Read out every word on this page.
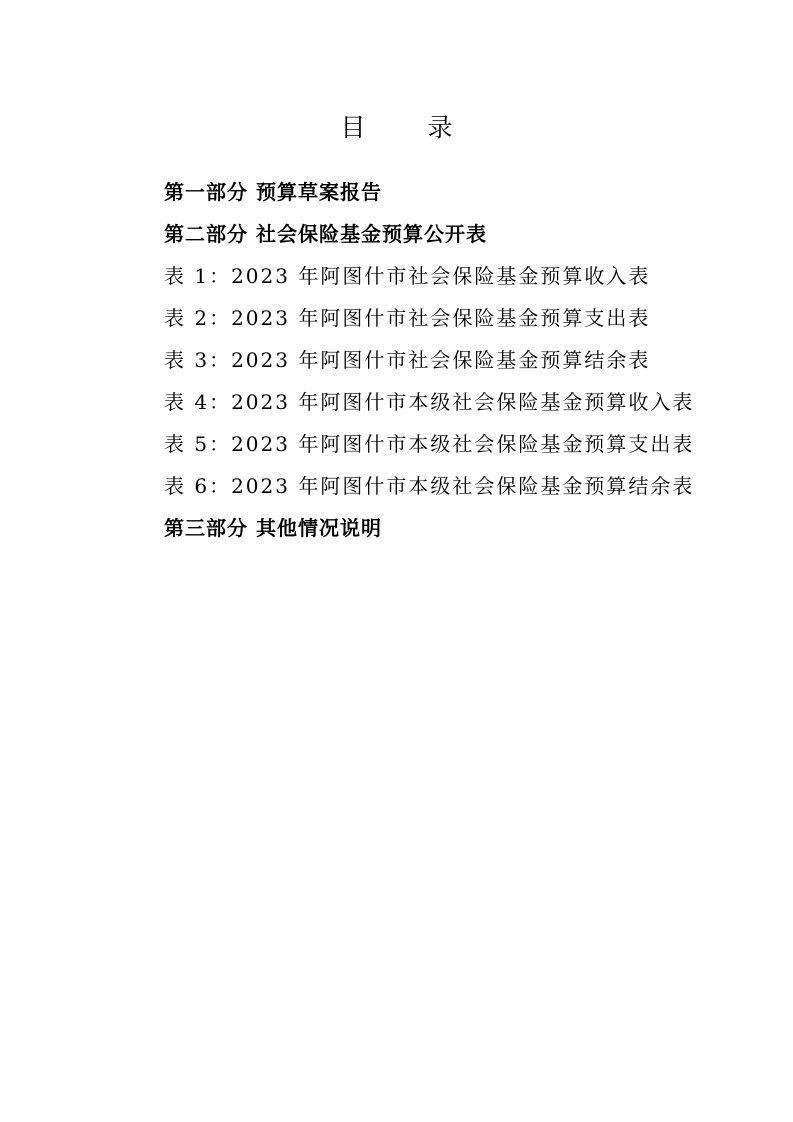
目录
第一部分 预算草案报告
第二部分 社会保险基金预算公开表
表 1：2023 年阿图什市社会保险基金预算收入表
表 2：2023 年阿图什市社会保险基金预算支出表
表 3：2023 年阿图什市社会保险基金预算结余表
表 4：2023 年阿图什市本级社会保险基金预算收入表
表 5：2023 年阿图什市本级社会保险基金预算支出表
表 6：2023 年阿图什市本级社会保险基金预算结余表
第三部分 其他情况说明
